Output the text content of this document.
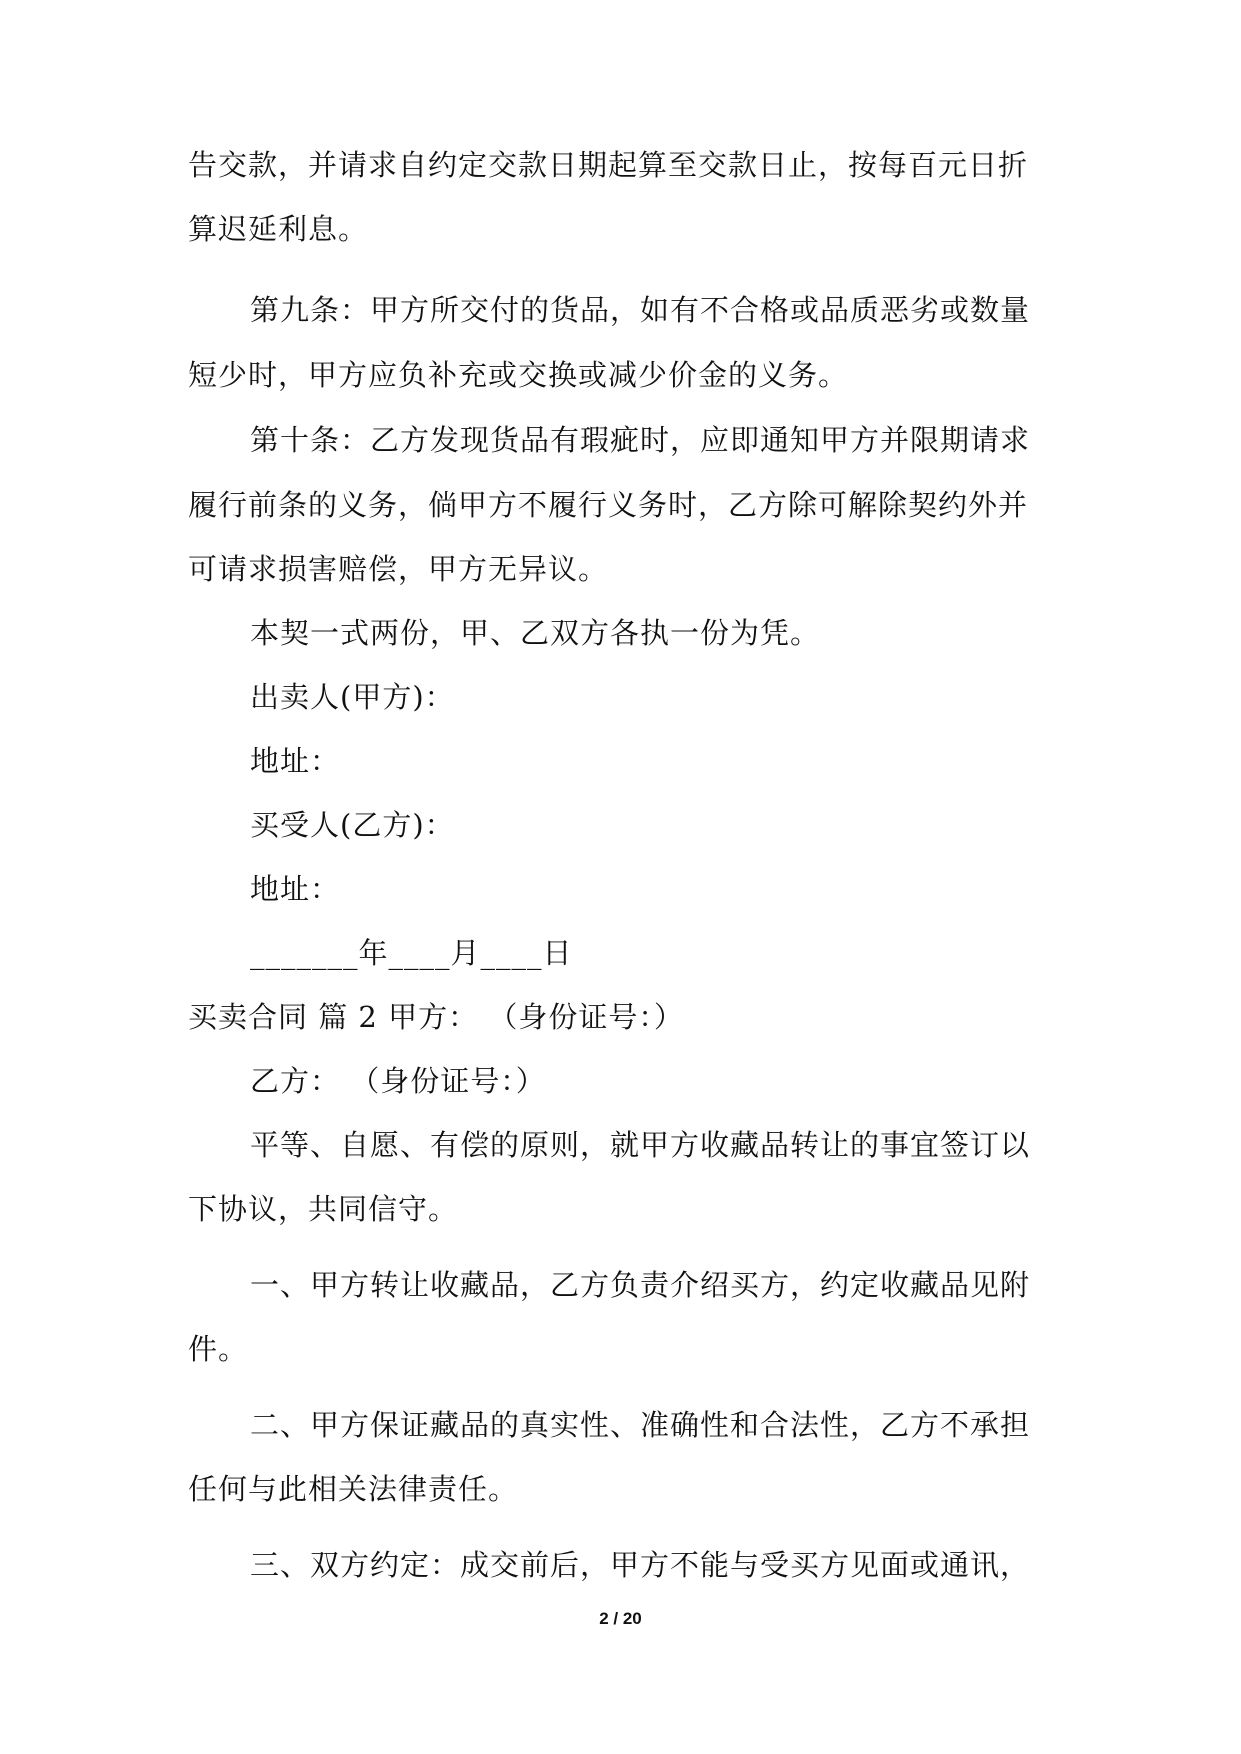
告交款，并请求自约定交款日期起算至交款日止，按每百元日折
算迟延利息。
第九条：甲方所交付的货品，如有不合格或品质恶劣或数量
短少时，甲方应负补充或交换或减少价金的义务。
第十条：乙方发现货品有瑕疵时，应即通知甲方并限期请求
履行前条的义务，倘甲方不履行义务时，乙方除可解除契约外并
可请求损害赔偿，甲方无异议。
本契一式两份，甲、乙双方各执一份为凭。
出卖人(甲方)：
地址：
买受人(乙方)：
地址：
_______年____月____日
买卖合同 篇 2 甲方： （身份证号：）
乙方： （身份证号：）
平等、自愿、有偿的原则，就甲方收藏品转让的事宜签订以
下协议，共同信守。
一、甲方转让收藏品，乙方负责介绍买方，约定收藏品见附
件。
二、甲方保证藏品的真实性、准确性和合法性，乙方不承担
任何与此相关法律责任。
三、双方约定：成交前后，甲方不能与受买方见面或通讯，
2 / 20
